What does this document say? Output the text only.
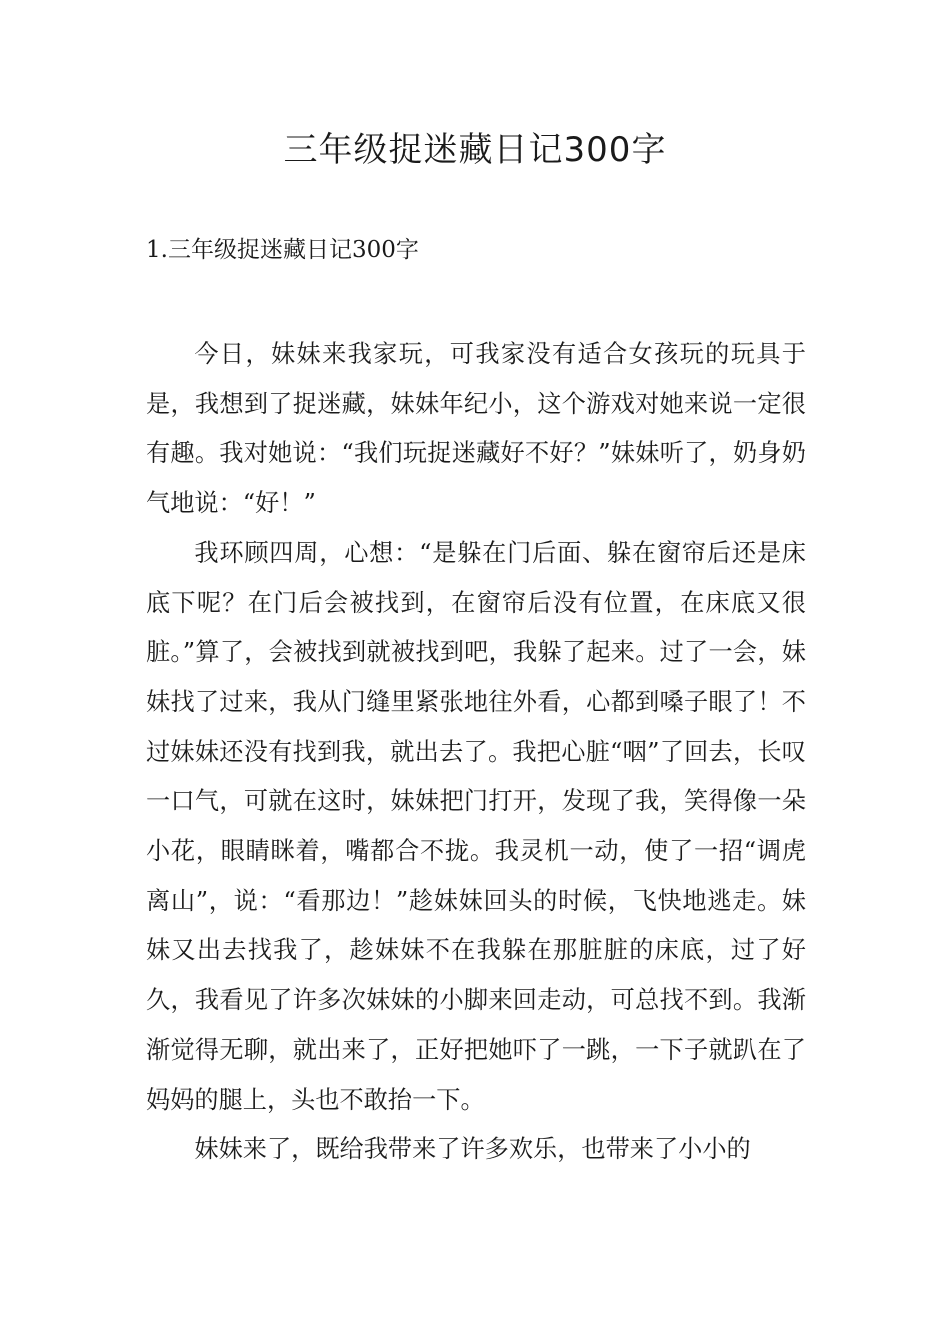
三年级捉迷藏日记300字
1.三年级捉迷藏日记300字

今日，妹妹来我家玩，可我家没有适合女孩玩的玩具于是，我想到了捉迷藏，妹妹年纪小，这个游戏对她来说一定很有趣。我对她说：“我们玩捉迷藏好不好？”妹妹听了，奶身奶气地说：“好！”

我环顾四周，心想：“是躲在门后面、躲在窗帘后还是床底下呢？在门后会被找到，在窗帘后没有位置，在床底又很脏。”算了，会被找到就被找到吧，我躲了起来。过了一会，妹妹找了过来，我从门缝里紧张地往外看，心都到嗓子眼了！不过妹妹还没有找到我，就出去了。我把心脏“咽”了回去，长叹一口气，可就在这时，妹妹把门打开，发现了我，笑得像一朵小花，眼睛眯着，嘴都合不拢。我灵机一动，使了一招“调虎离山”，说：“看那边！”趁妹妹回头的时候，飞快地逃走。妹妹又出去找我了，趁妹妹不在我躲在那脏脏的床底，过了好久，我看见了许多次妹妹的小脚来回走动，可总找不到。我渐渐觉得无聊，就出来了，正好把她吓了一跳，一下子就趴在了妈妈的腿上，头也不敢抬一下。

妹妹来了，既给我带来了许多欢乐，也带来了小小的
